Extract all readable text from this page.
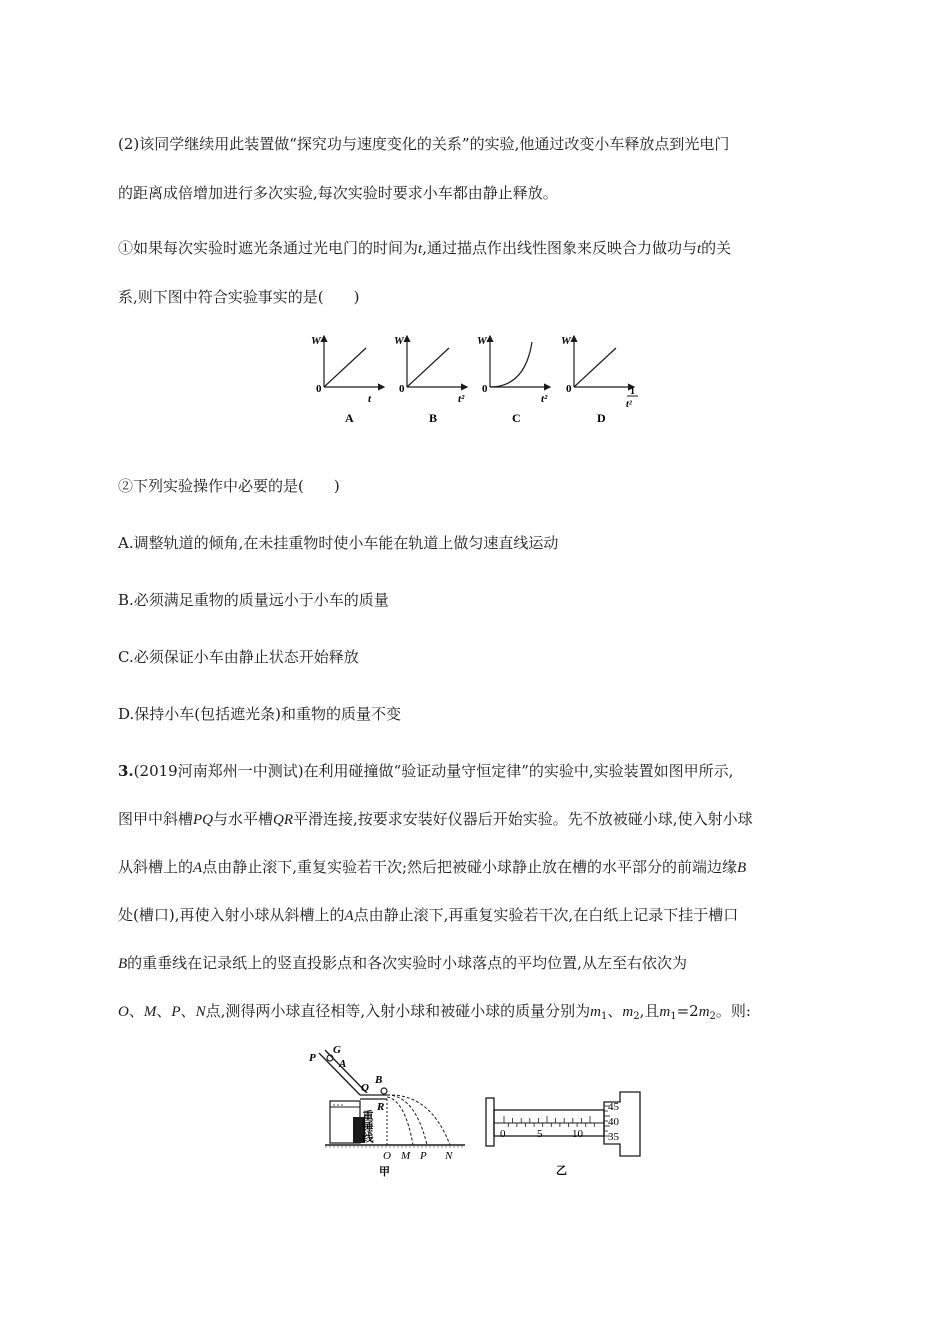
(2)该同学继续用此装置做“探究功与速度变化的关系”的实验,他通过改变小车释放点到光电门
的距离成倍增加进行多次实验,每次实验时要求小车都由静止释放。
①如果每次实验时遮光条通过光电门的时间为t,通过描点作出线性图象来反映合力做功与t的关
系,则下图中符合实验事实的是(　　)
W
0
t
A
W
0
t²
B
W
0
t²
C
W
0	1
t²
D
②下列实验操作中必要的是(　　)
A.调整轨道的倾角,在未挂重物时使小车能在轨道上做匀速直线运动
B.必须满足重物的质量远小于小车的质量
C.必须保证小车由静止状态开始释放
D.保持小车(包括遮光条)和重物的质量不变
3.(2019河南郑州一中测试)在利用碰撞做“验证动量守恒定律”的实验中,实验装置如图甲所示,
图甲中斜槽PQ与水平槽QR平滑连接,按要求安装好仪器后开始实验。先不放被碰小球,使入射小球
从斜槽上的A点由静止滚下,重复实验若干次;然后把被碰小球静止放在槽的水平部分的前端边缘B
处(槽口),再使入射小球从斜槽上的A点由静止滚下,再重复实验若干次,在白纸上记录下挂于槽口
B的重垂线在记录纸上的竖直投影点和各次实验时小球落点的平均位置,从左至右依次为
O、M、P、N点,测得两小球直径相等,入射小球和被碰小球的质量分别为$m_1$、$m_2$,且$m_1=2m_2$。则:
P
G
A
Q
B
R
重锤线
O M P N
甲
0	5	10
45
40
35
乙
